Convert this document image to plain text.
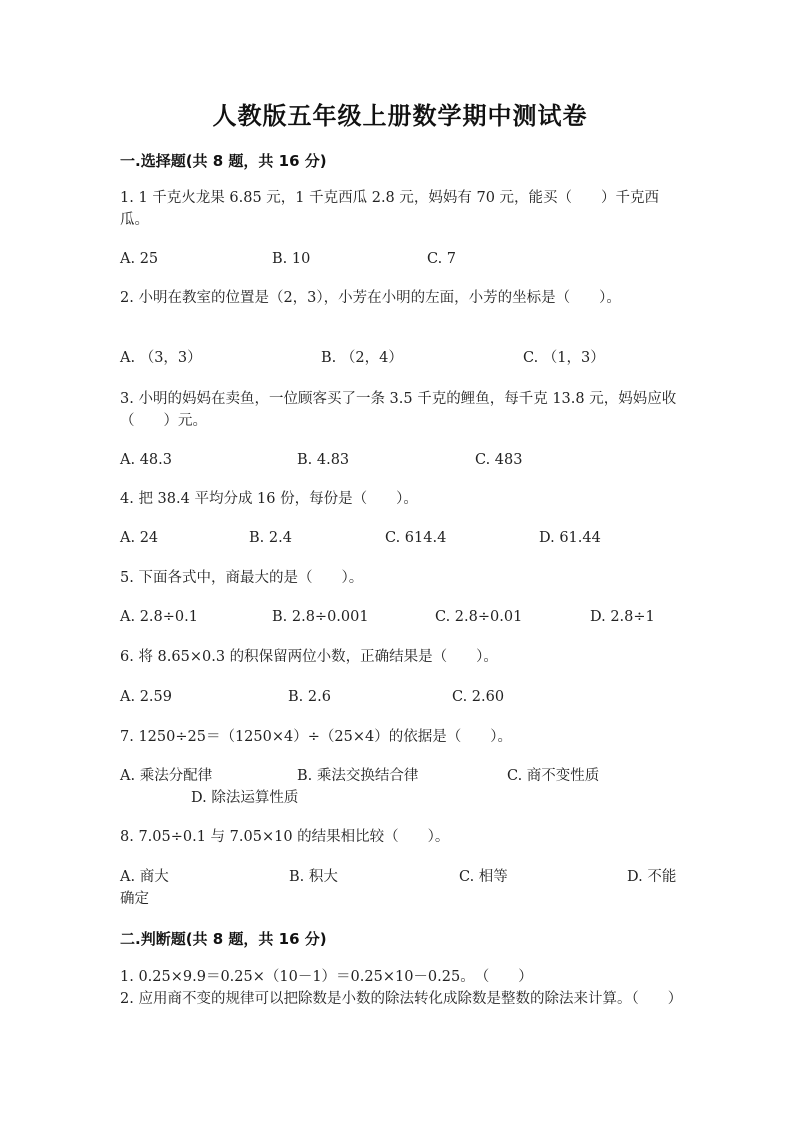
人教版五年级上册数学期中测试卷
一.选择题(共 8 题，共 16 分)
1. 1 千克火龙果 6.85 元，1 千克西瓜 2.8 元，妈妈有 70 元，能买（　　）千克西瓜。
A. 25	B. 10	C. 7
2. 小明在教室的位置是（2，3），小芳在小明的左面，小芳的坐标是（　　）。
A. （3，3）	B. （2，4）	C. （1，3）
3. 小明的妈妈在卖鱼，一位顾客买了一条 3.5 千克的鲤鱼，每千克 13.8 元，妈妈应收（　　）元。
A. 48.3	B. 4.83	C. 483
4. 把 38.4 平均分成 16 份，每份是（　　）。
A. 24	B. 2.4	C. 614.4	D. 61.44
5. 下面各式中，商最大的是（　　）。
A. 2.8÷0.1	B. 2.8÷0.001	C. 2.8÷0.01	D. 2.8÷1
6. 将 8.65×0.3 的积保留两位小数，正确结果是（　　）。
A. 2.59	B. 2.6	C. 2.60
7. 1250÷25＝（1250×4）÷（25×4）的依据是（　　）。
A. 乘法分配律	B. 乘法交换结合律	C. 商不变性质
D. 除法运算性质
8. 7.05÷0.1 与 7.05×10 的结果相比较（　　）。
A. 商大	B. 积大	C. 相等	D. 不能
确定
二.判断题(共 8 题，共 16 分)
1. 0.25×9.9＝0.25×（10－1）＝0.25×10－0.25。　（　　）
2. 应用商不变的规律可以把除数是小数的除法转化成除数是整数的除法来计算。（　　）
